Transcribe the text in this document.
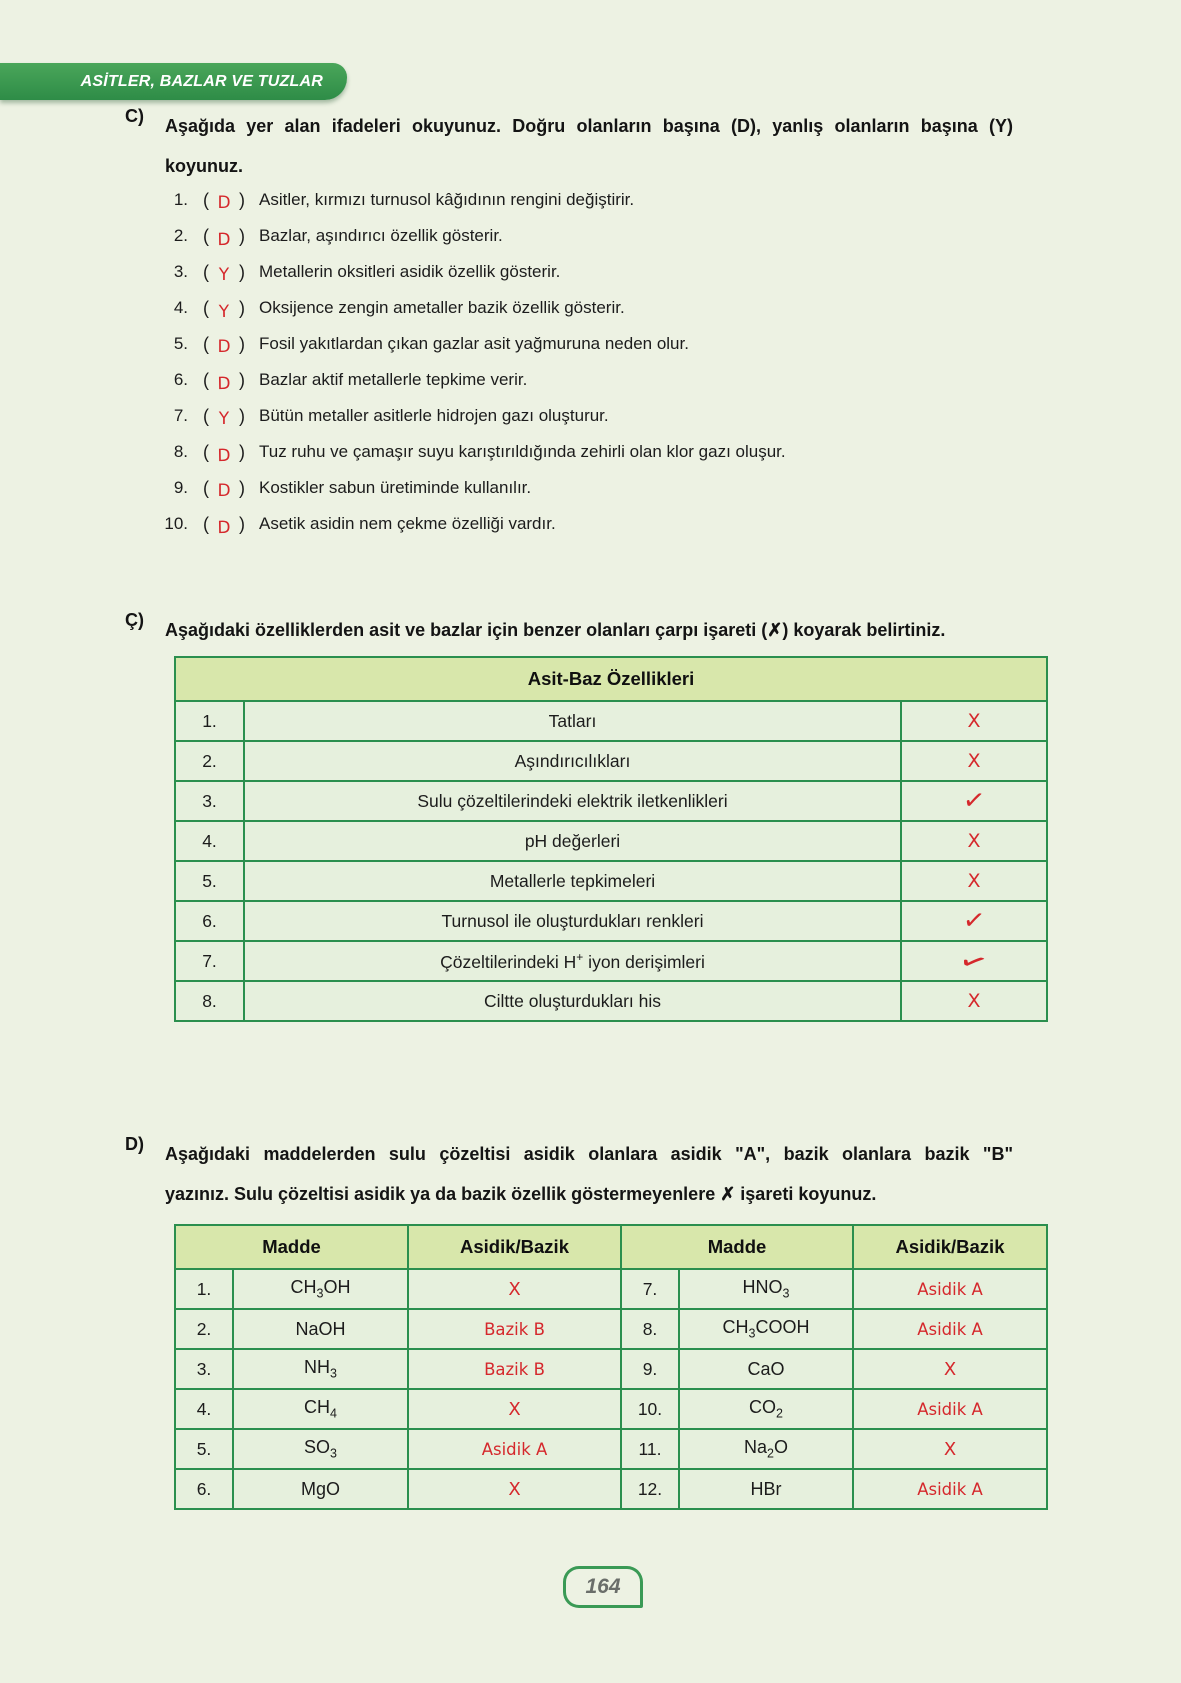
ASİTLER, BAZLAR VE TUZLAR
C) Aşağıda yer alan ifadeleri okuyunuz. Doğru olanların başına (D), yanlış olanların başına (Y)
koyunuz.
1. ( D ) Asitler, kırmızı turnusol kâğıdının rengini değiştirir.
2. ( D ) Bazlar, aşındırıcı özellik gösterir.
3. ( Y ) Metallerin oksitleri asidik özellik gösterir.
4. ( Y ) Oksijence zengin ametaller bazik özellik gösterir.
5. ( D ) Fosil yakıtlardan çıkan gazlar asit yağmuruna neden olur.
6. ( D ) Bazlar aktif metallerle tepkime verir.
7. ( Y ) Bütün metaller asitlerle hidrojen gazı oluşturur.
8. ( D ) Tuz ruhu ve çamaşır suyu karıştırıldığında zehirli olan klor gazı oluşur.
9. ( D ) Kostikler sabun üretiminde kullanılır.
10. ( D ) Asetik asidin nem çekme özelliği vardır.
Ç) Aşağıdaki özelliklerden asit ve bazlar için benzer olanları çarpı işareti (✗) koyarak belirtiniz.
Asit-Baz Özellikleri		
1.	Tatları	X
2.	Aşındırıcılıkları	X
3.	Sulu çözeltilerindeki elektrik iletkenlikleri	✓
4.	pH değerleri	X
5.	Metallerle tepkimeleri	X
6.	Turnusol ile oluşturdukları renkleri	✓
7.	Çözeltilerindeki H+ iyon derişimleri	✓
8.	Ciltte oluşturdukları his	X
D) Aşağıdaki maddelerden sulu çözeltisi asidik olanlara asidik "A", bazik olanlara bazik "B"
yazınız. Sulu çözeltisi asidik ya da bazik özellik göstermeyenlere ✗ işareti koyunuz.
Madde		Asidik/Bazik	Madde		Asidik/Bazik
1.	$CH_3OH$	X	7.	$HNO_3$	Asidik A
2.	NaOH	Bazik B	8.	$CH_3COOH$	Asidik A
3.	$NH_3$	Bazik B	9.	CaO	X
4.	$CH_4$	X	10.	$CO_2$	Asidik A
5.	$SO_3$	Asidik A	11.	$Na_2O$	X
6.	MgO	X	12.	HBr	Asidik A
164
